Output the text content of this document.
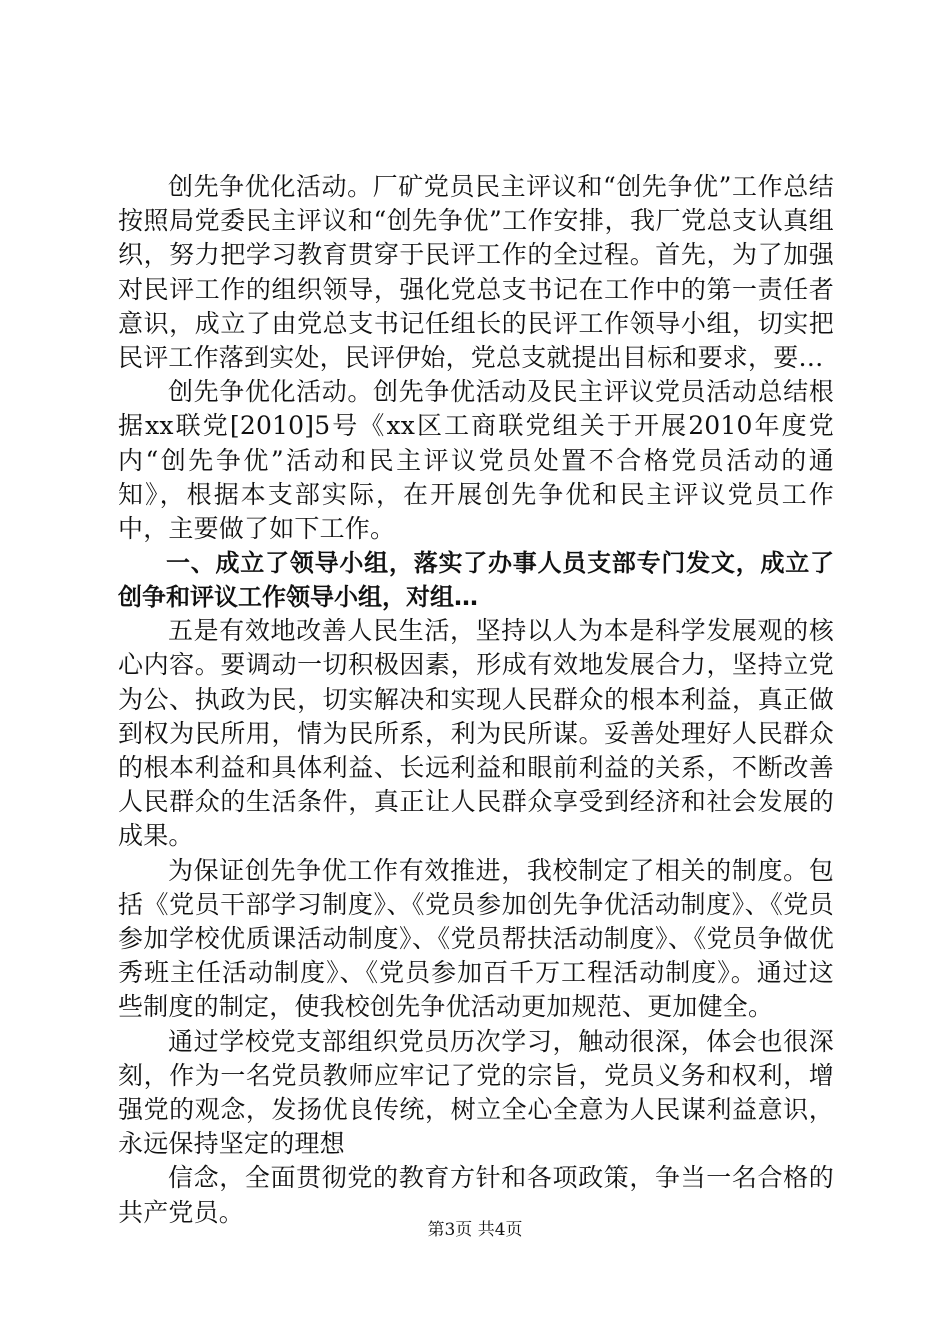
创先争优化活动。厂矿党员民主评议和“创先争优”工作总结按照局党委民主评议和“创先争优”工作安排，我厂党总支认真组织，努力把学习教育贯穿于民评工作的全过程。首先，为了加强对民评工作的组织领导，强化党总支书记在工作中的第一责任者意识，成立了由党总支书记任组长的民评工作领导小组，切实把民评工作落到实处，民评伊始，党总支就提出目标和要求，要…

创先争优化活动。创先争优活动及民主评议党员活动总结根据xx联党[2010]5号《xx区工商联党组关于开展2010年度党内“创先争优”活动和民主评议党员处置不合格党员活动的通知》，根据本支部实际，在开展创先争优和民主评议党员工作中，主要做了如下工作。

一、成立了领导小组，落实了办事人员支部专门发文，成立了创争和评议工作领导小组，对组…

五是有效地改善人民生活，坚持以人为本是科学发展观的核心内容。要调动一切积极因素，形成有效地发展合力，坚持立党为公、执政为民，切实解决和实现人民群众的根本利益，真正做到权为民所用，情为民所系，利为民所谋。妥善处理好人民群众的根本利益和具体利益、长远利益和眼前利益的关系，不断改善人民群众的生活条件，真正让人民群众享受到经济和社会发展的成果。

为保证创先争优工作有效推进，我校制定了相关的制度。包括《党员干部学习制度》、《党员参加创先争优活动制度》、《党员参加学校优质课活动制度》、《党员帮扶活动制度》、《党员争做优秀班主任活动制度》、《党员参加百千万工程活动制度》。通过这些制度的制定，使我校创先争优活动更加规范、更加健全。

通过学校党支部组织党员历次学习，触动很深，体会也很深刻，作为一名党员教师应牢记了党的宗旨，党员义务和权利，增强党的观念，发扬优良传统，树立全心全意为人民谋利益意识，永远保持坚定的理想

信念，全面贯彻党的教育方针和各项政策，争当一名合格的共产党员。

第3页 共4页
